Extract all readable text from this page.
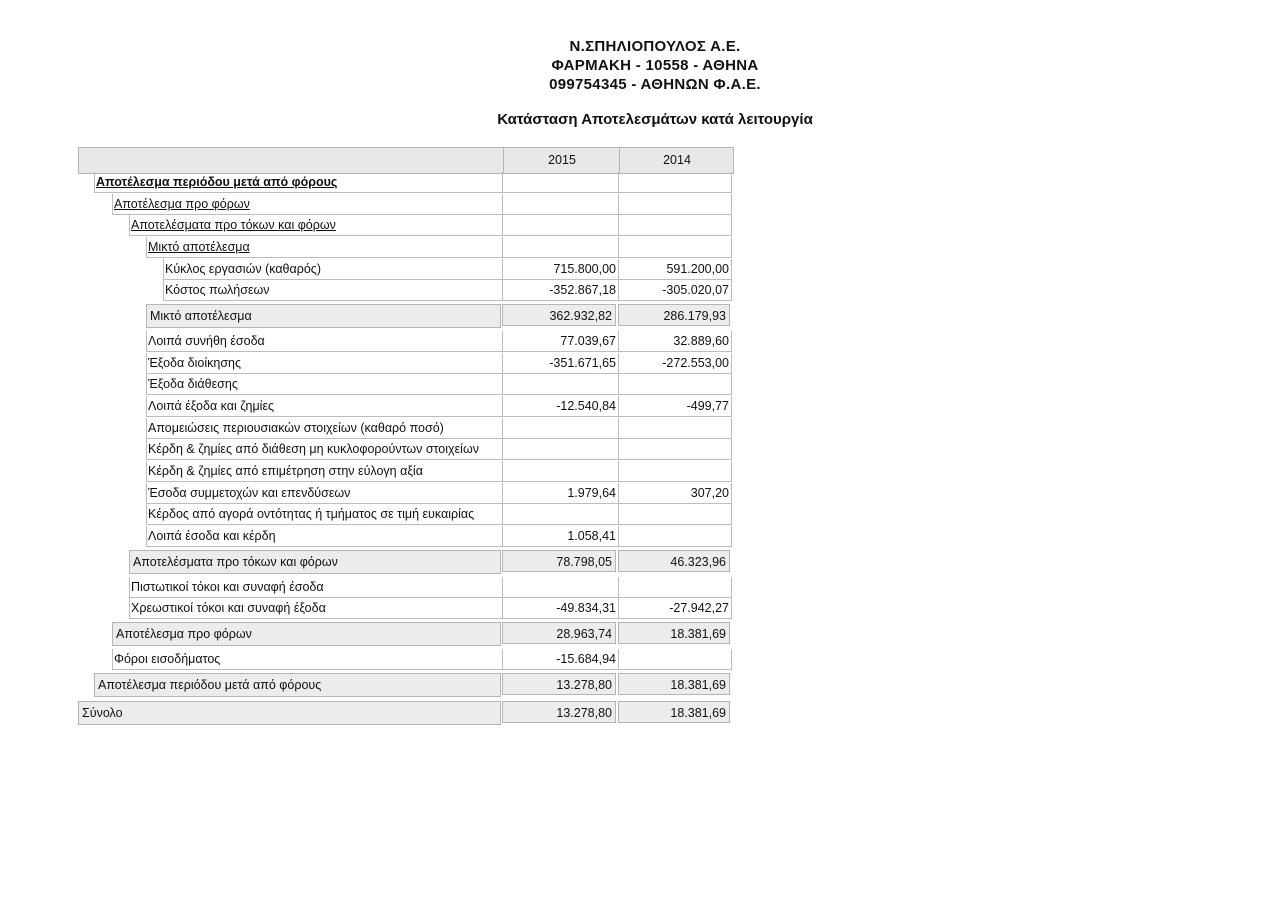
Ν.ΣΠΗΛΙΟΠΟΥΛΟΣ Α.Ε.
ΦΑΡΜΑΚΗ - 10558 - ΑΘΗΝΑ
099754345 - ΑΘΗΝΩΝ Φ.Α.Ε.
Κατάσταση Αποτελεσμάτων κατά λειτουργία
2015	2014
Αποτέλεσμα περιόδου μετά από φόρους
Αποτέλεσμα προ φόρων
Αποτελέσματα προ τόκων και φόρων
Μικτό αποτέλεσμα
Κύκλος εργασιών (καθαρός)	715.800,00	591.200,00
Κόστος πωλήσεων	-352.867,18	-305.020,07
Μικτό αποτέλεσμα	362.932,82	286.179,93
Λοιπά συνήθη έσοδα	77.039,67	32.889,60
Έξοδα διοίκησης	-351.671,65	-272.553,00
Έξοδα διάθεσης
Λοιπά έξοδα και ζημίες	-12.540,84	-499,77
Απομειώσεις περιουσιακών στοιχείων (καθαρό ποσό)
Κέρδη & ζημίες από διάθεση μη κυκλοφορούντων στοιχείων
Κέρδη & ζημίες από επιμέτρηση στην εύλογη αξία
Έσοδα συμμετοχών και επενδύσεων	1.979,64	307,20
Κέρδος από αγορά οντότητας ή τμήματος σε τιμή ευκαιρίας
Λοιπά έσοδα και κέρδη	1.058,41
Αποτελέσματα προ τόκων και φόρων	78.798,05	46.323,96
Πιστωτικοί τόκοι και συναφή έσοδα
Χρεωστικοί τόκοι και συναφή έξοδα	-49.834,31	-27.942,27
Αποτέλεσμα προ φόρων	28.963,74	18.381,69
Φόροι εισοδήματος	-15.684,94
Αποτέλεσμα περιόδου μετά από φόρους	13.278,80	18.381,69
Σύνολο	13.278,80	18.381,69
